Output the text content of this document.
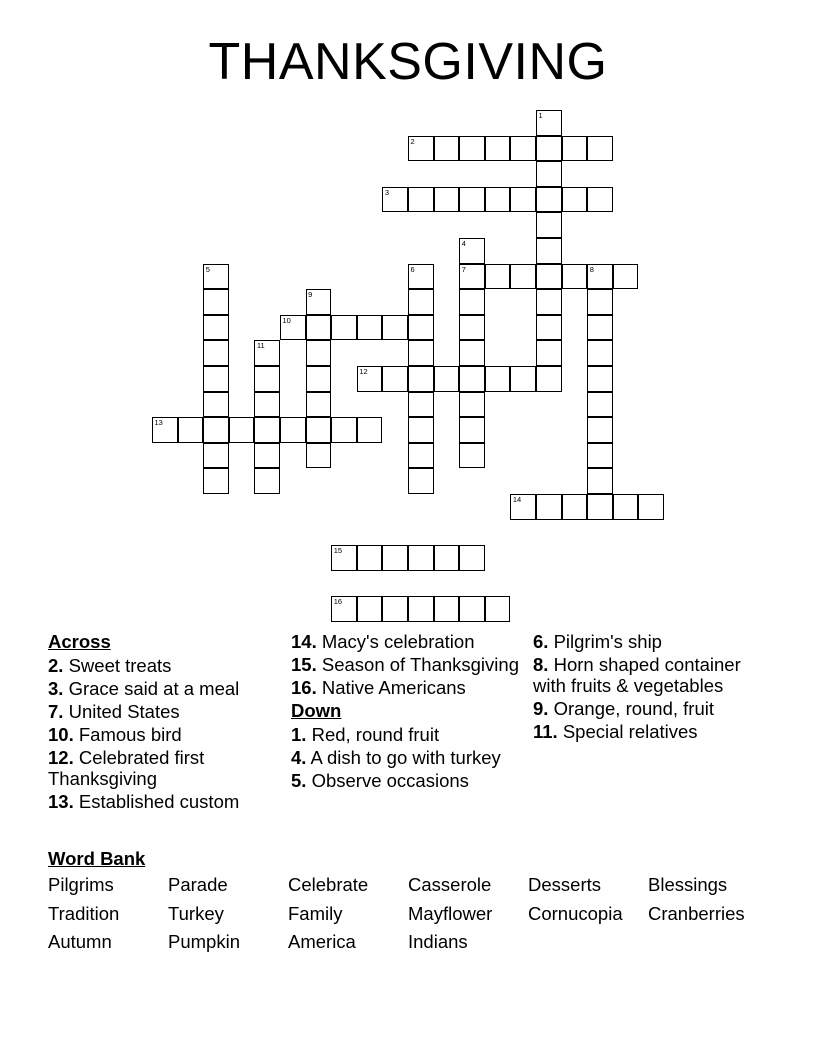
THANKSGIVING
1
2
3
4
7
5	6	8
9
10
11
12
13
14
15
16
Across
2. Sweet treats
3. Grace said at a meal
7. United States
10. Famous bird
12. Celebrated first Thanksgiving
13. Established custom
14. Macy's celebration
15. Season of Thanksgiving
16. Native Americans
Down
1. Red, round fruit
4. A dish to go with turkey
5. Observe occasions
6. Pilgrim's ship
8. Horn shaped container with fruits & vegetables
9. Orange, round, fruit
11. Special relatives
Word Bank
Pilgrims	Parade	Celebrate Casserole Desserts	Blessings
Tradition	Turkey	Family	Mayflower Cornucopia Cranberries
Autumn	Pumpkin	America	Indians
